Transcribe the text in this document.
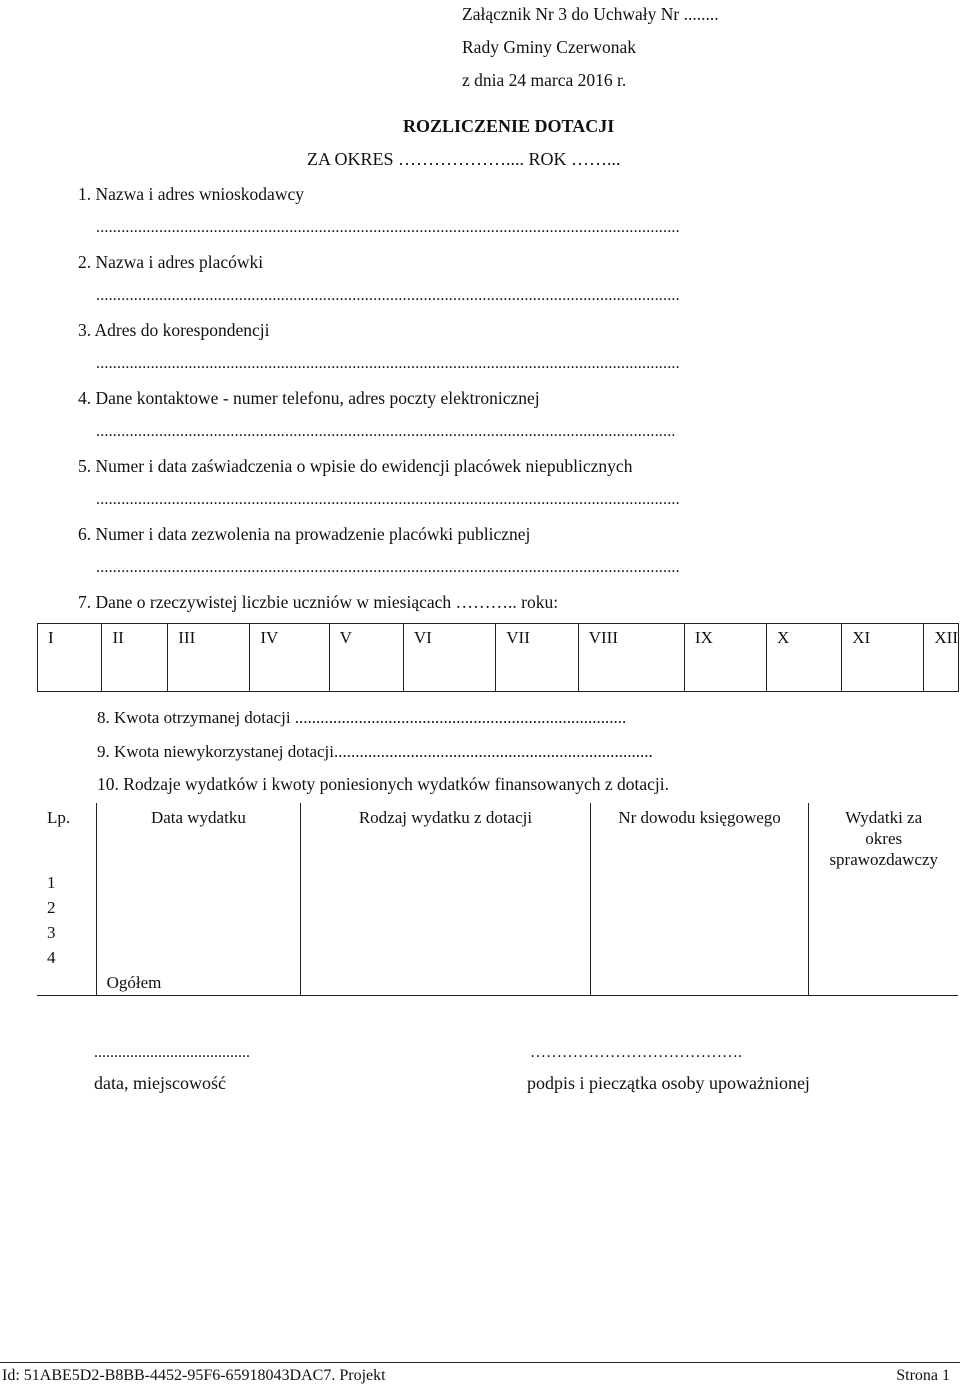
Załącznik Nr 3 do Uchwały Nr ........
Rady Gminy Czerwonak
z dnia 24 marca 2016 r.
ROZLICZENIE DOTACJI
ZA OKRES ……………….... ROK ……...
1. Nazwa i adres wnioskodawcy
...........................................................................................................................................
2. Nazwa i adres placówki
...........................................................................................................................................
3. Adres do korespondencji
...........................................................................................................................................
4. Dane kontaktowe - numer telefonu, adres poczty elektronicznej
..........................................................................................................................................
5. Numer i data zaświadczenia o wpisie do ewidencji placówek niepublicznych
...........................................................................................................................................
6. Numer i data zezwolenia na prowadzenie placówki publicznej
...........................................................................................................................................
7. Dane o rzeczywistej liczbie uczniów w miesiącach ……….. roku:
I	II	III	IV	V	VI	VII	VIII	IX	X	XI	XII
8. Kwota otrzymanej dotacji ..............................................................................
9. Kwota niewykorzystanej dotacji...........................................................................
10. Rodzaje wydatków i kwoty poniesionych wydatków finansowanych z dotacji.
Lp.	Data wydatku	Rodzaj wydatku z dotacji	Nr dowodu księgowego	Wydatki za okres sprawozdawczy
1				
2				
3				
4				
	Ogółem			
.......................................	………………………………….
data, miejscowość	podpis i pieczątka osoby upoważnionej
Id: 51ABE5D2-B8BB-4452-95F6-65918043DAC7. Projekt	Strona 1
